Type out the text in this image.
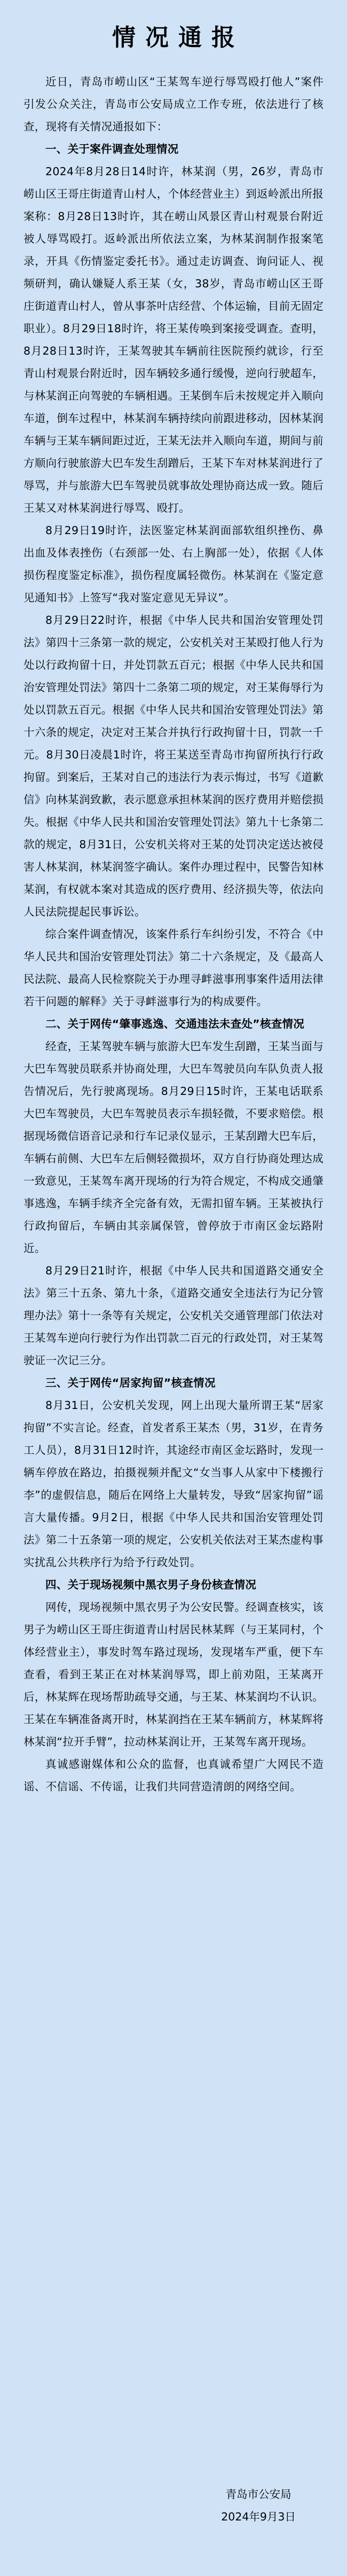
情况通报

近日，青岛市崂山区“王某驾车逆行辱骂殴打他人”案件引发公众关注，青岛市公安局成立工作专班，依法进行了核查，现将有关情况通报如下：

一、关于案件调查处理情况

2024年8月28日14时许，林某润（男，26岁，青岛市崂山区王哥庄街道青山村人，个体经营业主）到返岭派出所报案称：8月28日13时许，其在崂山风景区青山村观景台附近被人辱骂殴打。返岭派出所依法立案，为林某润制作报案笔录，开具《伤情鉴定委托书》。通过走访调查、询问证人、视频研判，确认嫌疑人系王某（女，38岁，青岛市崂山区王哥庄街道青山村人，曾从事茶叶店经营、个体运输，目前无固定职业）。8月29日18时许，将王某传唤到案接受调查。查明，8月28日13时许，王某驾驶其车辆前往医院预约就诊，行至青山村观景台附近时，因车辆较多通行缓慢，逆向行驶超车，与林某润正向驾驶的车辆相遇。王某倒车后未按规定并入顺向车道，倒车过程中，林某润车辆持续向前跟进移动，因林某润车辆与王某车辆间距过近，王某无法并入顺向车道，期间与前方顺向行驶旅游大巴车发生刮蹭后，王某下车对林某润进行了辱骂，并与旅游大巴车驾驶员就事故处理协商达成一致。随后王某又对林某润进行辱骂、殴打。

8月29日19时许，法医鉴定林某润面部软组织挫伤、鼻出血及体表挫伤（右颈部一处、右上胸部一处），依据《人体损伤程度鉴定标准》，损伤程度属轻微伤。林某润在《鉴定意见通知书》上签写“我对鉴定意见无异议”。

8月29日22时许，根据《中华人民共和国治安管理处罚法》第四十三条第一款的规定，公安机关对王某殴打他人行为处以行政拘留十日，并处罚款五百元；根据《中华人民共和国治安管理处罚法》第四十二条第二项的规定，对王某侮辱行为处以罚款五百元。根据《中华人民共和国治安管理处罚法》第十六条的规定，决定对王某合并执行行政拘留十日，罚款一千元。8月30日凌晨1时许，将王某送至青岛市拘留所执行行政拘留。到案后，王某对自己的违法行为表示悔过，书写《道歉信》向林某润致歉，表示愿意承担林某润的医疗费用并赔偿损失。根据《中华人民共和国治安管理处罚法》第九十七条第二款的规定，8月31日，公安机关将对王某的处罚决定送达被侵害人林某润，林某润签字确认。案件办理过程中，民警告知林某润，有权就本案对其造成的医疗费用、经济损失等，依法向人民法院提起民事诉讼。

综合案件调查情况，该案件系行车纠纷引发，不符合《中华人民共和国治安管理处罚法》第二十六条规定，及《最高人民法院、最高人民检察院关于办理寻衅滋事刑事案件适用法律若干问题的解释》关于寻衅滋事行为的构成要件。

二、关于网传“肇事逃逸、交通违法未查处”核查情况

经查，王某驾驶车辆与旅游大巴车发生刮蹭，王某当面与大巴车驾驶员联系并协商处理，大巴车驾驶员向车队负责人报告情况后，先行驶离现场。8月29日15时许，王某电话联系大巴车驾驶员，大巴车驾驶员表示车损轻微，不要求赔偿。根据现场微信语音记录和行车记录仪显示，王某刮蹭大巴车后，车辆右前侧、大巴车左后侧轻微损坏，双方自行协商处理达成一致意见，王某驾车离开现场的行为符合规定，不构成交通肇事逃逸，车辆手续齐全完备有效，无需扣留车辆。王某被执行行政拘留后，车辆由其亲属保管，曾停放于市南区金坛路附近。

8月29日21时许，根据《中华人民共和国道路交通安全法》第三十五条、第九十条，《道路交通安全违法行为记分管理办法》第十一条等有关规定，公安机关交通管理部门依法对王某驾车逆向行驶行为作出罚款二百元的行政处罚，对王某驾驶证一次记三分。

三、关于网传“居家拘留”核查情况

8月31日，公安机关发现，网上出现大量所谓王某“居家拘留”不实言论。经查，首发者系王某杰（男，31岁，在青务工人员），8月31日12时许，其途经市南区金坛路时，发现一辆车停放在路边，拍摄视频并配文“女当事人从家中下楼搬行李”的虚假信息，随后在网络上大量转发，导致“居家拘留”谣言大量传播。9月2日，根据《中华人民共和国治安管理处罚法》第二十五条第一项的规定，公安机关依法对王某杰虚构事实扰乱公共秩序行为给予行政处罚。

四、关于现场视频中黑衣男子身份核查情况

网传，现场视频中黑衣男子为公安民警。经调查核实，该男子为崂山区王哥庄街道青山村居民林某辉（与王某同村，个体经营业主），事发时驾车路过现场，发现堵车严重，便下车查看，看到王某正在对林某润辱骂，即上前劝阻，王某离开后，林某辉在现场帮助疏导交通，与王某、林某润均不认识。王某在车辆准备离开时，林某润挡在王某车辆前方，林某辉将林某润“拉开手臂”，拉动林某润让开，王某驾车离开现场。

真诚感谢媒体和公众的监督，也真诚希望广大网民不造谣、不信谣、不传谣，让我们共同营造清朗的网络空间。

青岛市公安局
2024年9月3日
